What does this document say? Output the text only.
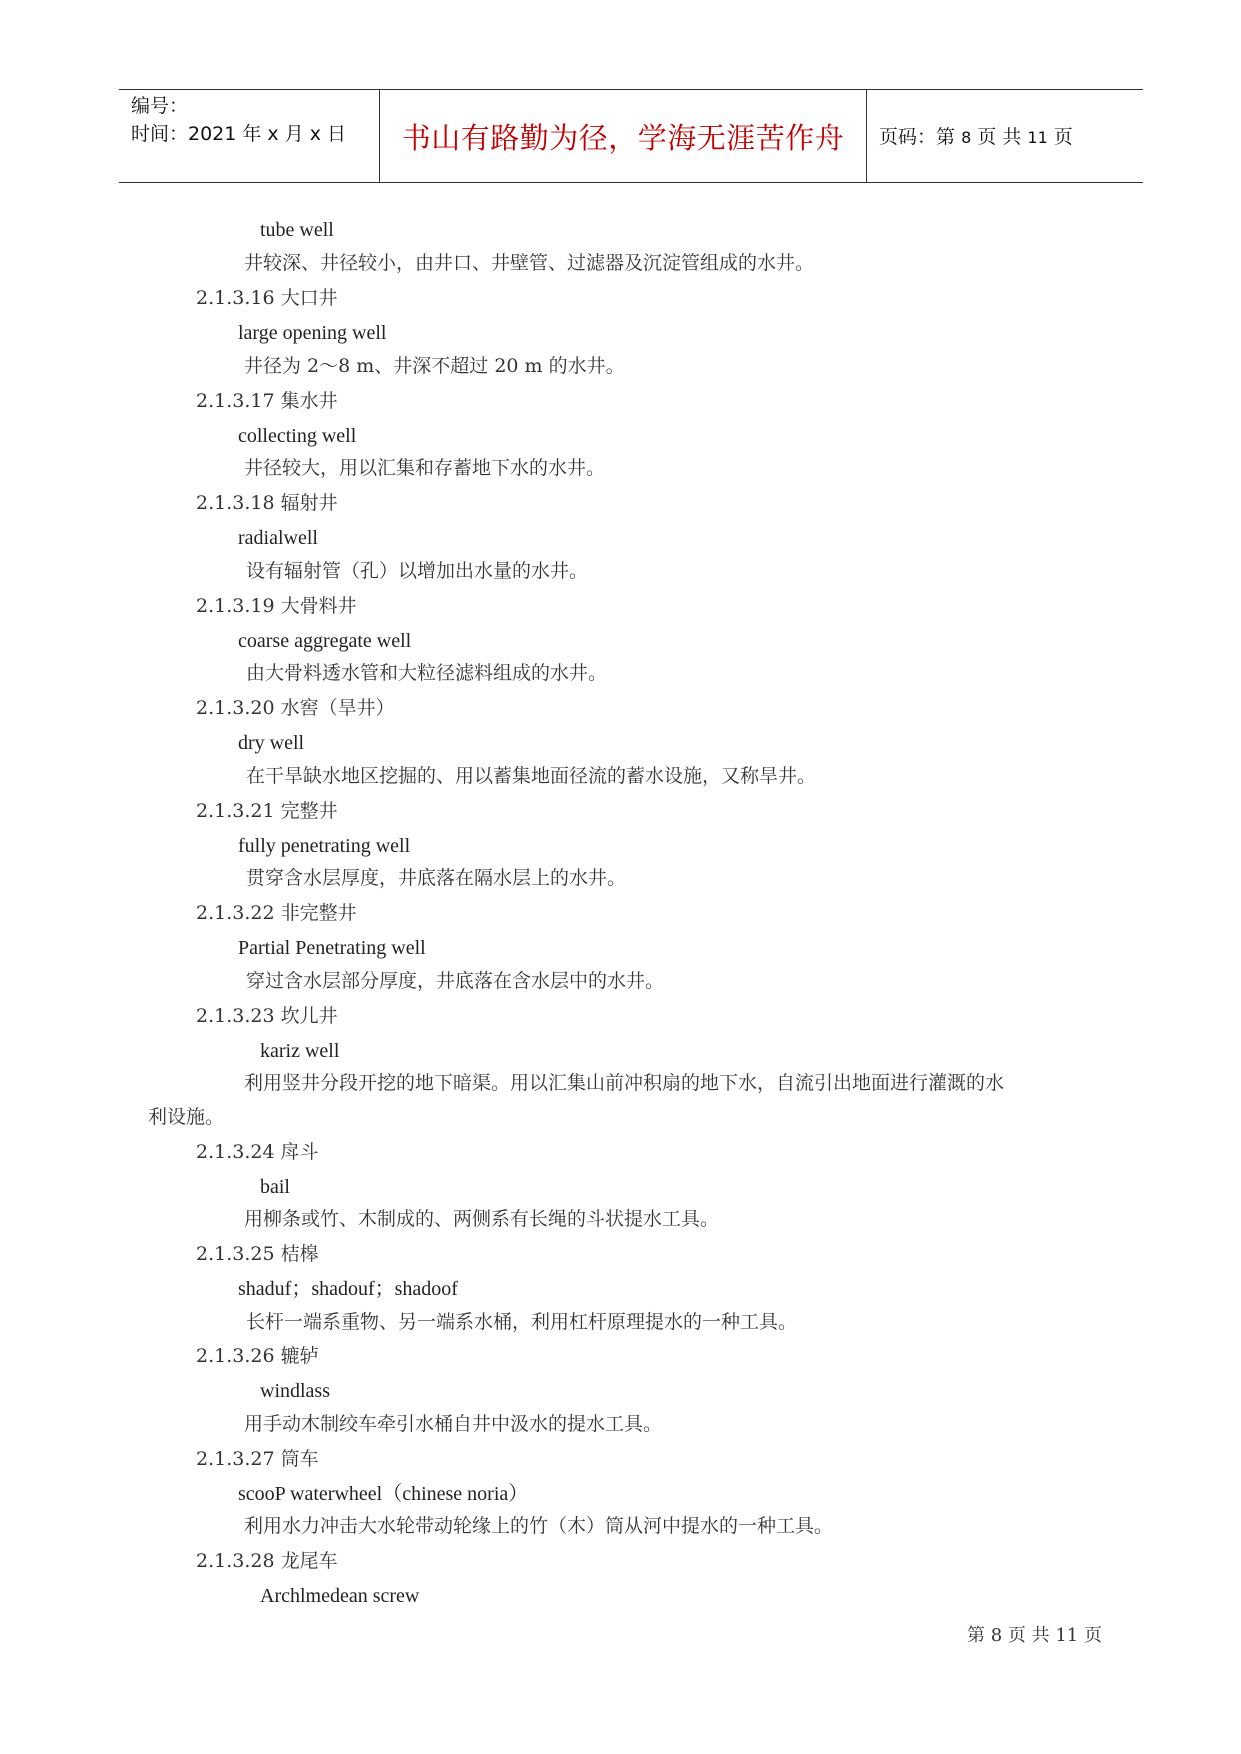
编号：
时间：2021 年 x 月 x 日	书山有路勤为径，学海无涯苦作舟	页码：第 8 页 共 11 页
tube well
井较深、井径较小，由井口、井壁管、过滤器及沉淀管组成的水井。
2.1.3.16 大口井
large opening well
井径为 2～8 m、井深不超过 20 m 的水井。
2.1.3.17 集水井
collecting well
井径较大，用以汇集和存蓄地下水的水井。
2.1.3.18 辐射井
radialwell
设有辐射管（孔）以增加出水量的水井。
2.1.3.19 大骨料井
coarse aggregate well
由大骨料透水管和大粒径滤料组成的水井。
2.1.3.20 水窖（旱井）
dry well
在干旱缺水地区挖掘的、用以蓄集地面径流的蓄水设施，又称旱井。
2.1.3.21 完整井
fully penetrating well
贯穿含水层厚度，井底落在隔水层上的水井。
2.1.3.22 非完整井
Partial Penetrating well
穿过含水层部分厚度，井底落在含水层中的水井。
2.1.3.23 坎儿井
kariz well
利用竖井分段开挖的地下暗渠。用以汇集山前冲积扇的地下水，自流引出地面进行灌溉的水
利设施。
2.1.3.24 戽斗
bail
用柳条或竹、木制成的、两侧系有长绳的斗状提水工具。
2.1.3.25 桔槔
shaduf；shadouf；shadoof
长杆一端系重物、另一端系水桶，利用杠杆原理提水的一种工具。
2.1.3.26 辘轳
windlass
用手动木制绞车牵引水桶自井中汲水的提水工具。
2.1.3.27 筒车
scooP waterwheel（chinese noria）
利用水力冲击大水轮带动轮缘上的竹（木）筒从河中提水的一种工具。
2.1.3.28 龙尾车
Archlmedean screw
第 8 页 共 11 页
